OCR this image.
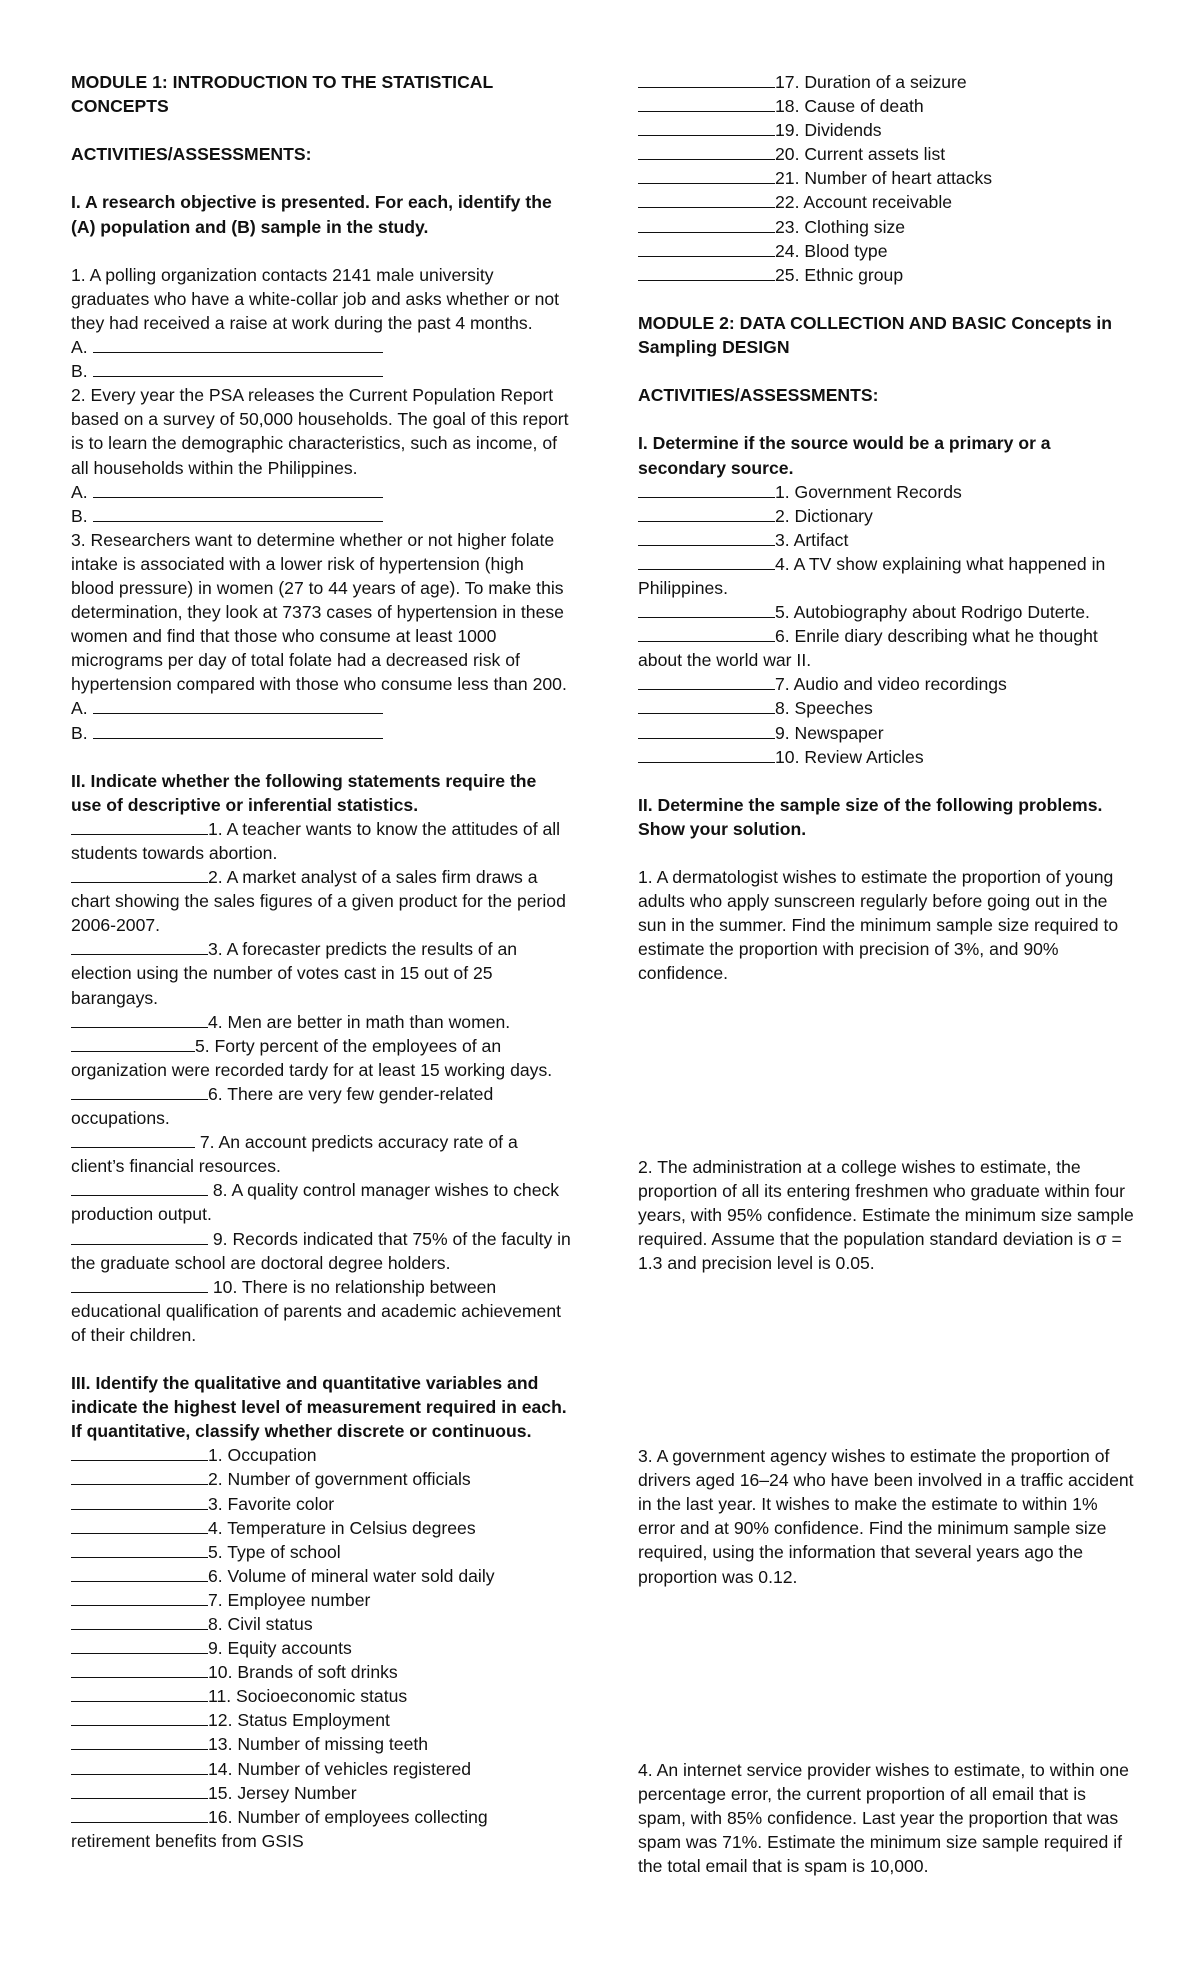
MODULE 1: INTRODUCTION TO THE STATISTICAL CONCEPTS
ACTIVITIES/ASSESSMENTS:
I. A research objective is presented. For each, identify the (A) population and (B) sample in the study.
1. A polling organization contacts 2141 male university graduates who have a white-collar job and asks whether or not they had received a raise at work during the past 4 months.
A.
B.
2. Every year the PSA releases the Current Population Report based on a survey of 50,000 households. The goal of this report is to learn the demographic characteristics, such as income, of all households within the Philippines.
A.
B.
3. Researchers want to determine whether or not higher folate intake is associated with a lower risk of hypertension (high blood pressure) in women (27 to 44 years of age). To make this determination, they look at 7373 cases of hypertension in these women and find that those who consume at least 1000 micrograms per day of total folate had a decreased risk of hypertension compared with those who consume less than 200.
A.
B.
II. Indicate whether the following statements require the use of descriptive or inferential statistics.
1. A teacher wants to know the attitudes of all students towards abortion.
2. A market analyst of a sales firm draws a chart showing the sales figures of a given product for the period 2006-2007.
3. A forecaster predicts the results of an election using the number of votes cast in 15 out of 25 barangays.
4. Men are better in math than women.
5. Forty percent of the employees of an organization were recorded tardy for at least 15 working days.
6. There are very few gender-related occupations.
7. An account predicts accuracy rate of a client’s financial resources.
8. A quality control manager wishes to check production output.
9. Records indicated that 75% of the faculty in the graduate school are doctoral degree holders.
10. There is no relationship between educational qualification of parents and academic achievement of their children.
III. Identify the qualitative and quantitative variables and indicate the highest level of measurement required in each. If quantitative, classify whether discrete or continuous.
1. Occupation
2. Number of government officials
3. Favorite color
4. Temperature in Celsius degrees
5. Type of school
6. Volume of mineral water sold daily
7. Employee number
8. Civil status
9. Equity accounts
10. Brands of soft drinks
11. Socioeconomic status
12. Status Employment
13. Number of missing teeth
14. Number of vehicles registered
15. Jersey Number
16. Number of employees collecting retirement benefits from GSIS
17. Duration of a seizure
18. Cause of death
19. Dividends
20. Current assets list
21. Number of heart attacks
22. Account receivable
23. Clothing size
24. Blood type
25. Ethnic group
MODULE 2: DATA COLLECTION AND BASIC Concepts in Sampling DESIGN
ACTIVITIES/ASSESSMENTS:
I. Determine if the source would be a primary or a secondary source.
1. Government Records
2. Dictionary
3. Artifact
4. A TV show explaining what happened in Philippines.
5. Autobiography about Rodrigo Duterte.
6. Enrile diary describing what he thought about the world war II.
7. Audio and video recordings
8. Speeches
9. Newspaper
10. Review Articles
II. Determine the sample size of the following problems. Show your solution.
1. A dermatologist wishes to estimate the proportion of young adults who apply sunscreen regularly before going out in the sun in the summer. Find the minimum sample size required to estimate the proportion with precision of 3%, and 90% confidence.
2. The administration at a college wishes to estimate, the proportion of all its entering freshmen who graduate within four years, with 95% confidence. Estimate the minimum size sample required. Assume that the population standard deviation is σ = 1.3 and precision level is 0.05.
3. A government agency wishes to estimate the proportion of drivers aged 16–24 who have been involved in a traffic accident in the last year. It wishes to make the estimate to within 1% error and at 90% confidence. Find the minimum sample size required, using the information that several years ago the proportion was 0.12.
4. An internet service provider wishes to estimate, to within one percentage error, the current proportion of all email that is spam, with 85% confidence. Last year the proportion that was spam was 71%. Estimate the minimum size sample required if the total email that is spam is 10,000.
